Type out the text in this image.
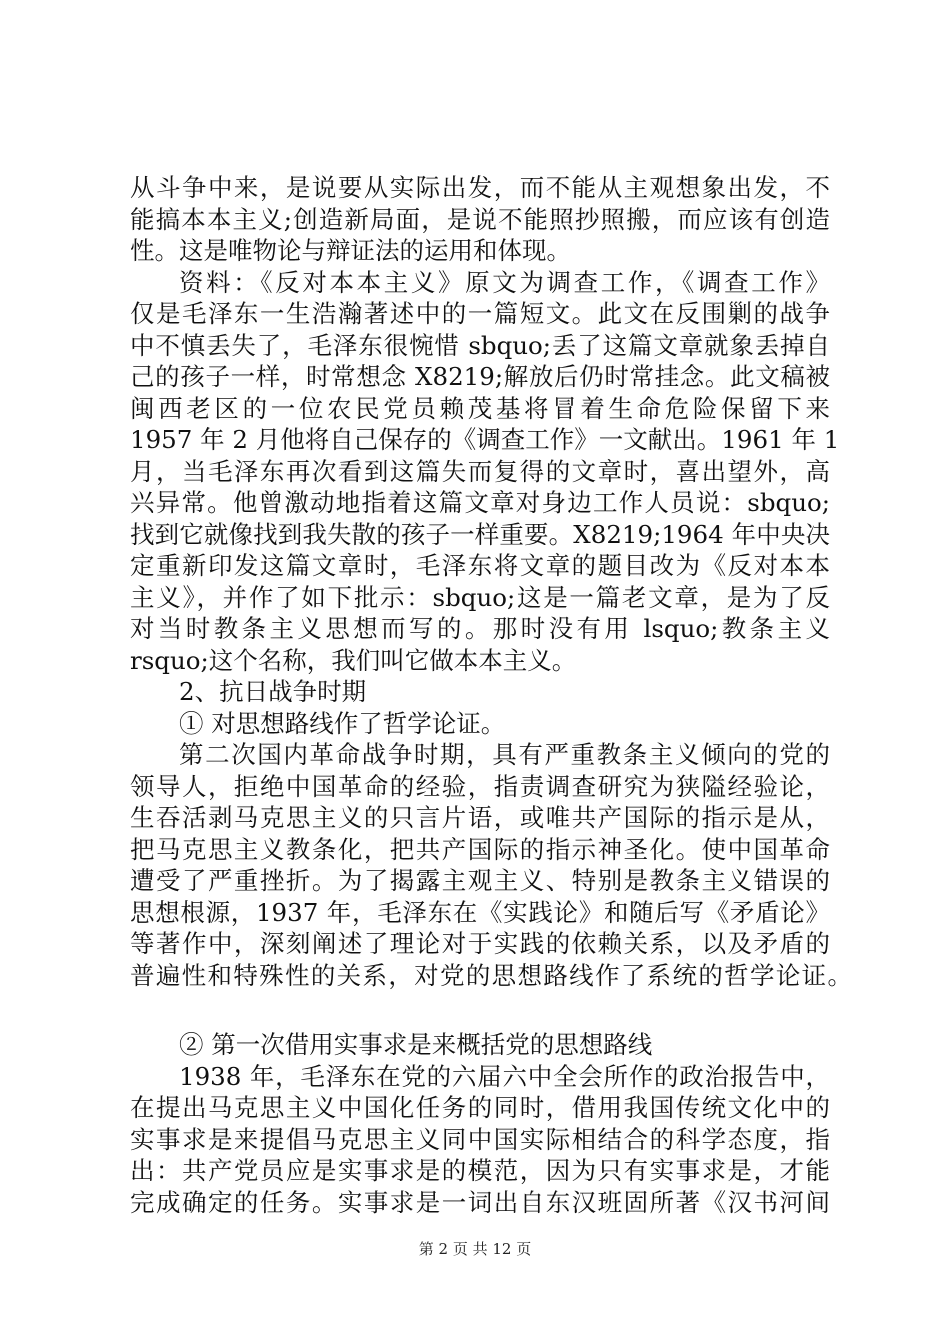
从斗争中来，是说要从实际出发，而不能从主观想象出发，不
能搞本本主义;创造新局面，是说不能照抄照搬，而应该有创造
性。这是唯物论与辩证法的运用和体现。
资料：《反对本本主义》原文为调查工作，《调查工作》
仅是毛泽东一生浩瀚著述中的一篇短文。此文在反围剿的战争
中不慎丢失了，毛泽东很惋惜 sbquo;丢了这篇文章就象丢掉自
己的孩子一样，时常想念 X8219;解放后仍时常挂念。此文稿被
闽西老区的一位农民党员赖茂基将冒着生命危险保留下来
1957 年 2 月他将自己保存的《调查工作》一文献出。1961 年 1
月，当毛泽东再次看到这篇失而复得的文章时，喜出望外，高
兴异常。他曾激动地指着这篇文章对身边工作人员说：sbquo;
找到它就像找到我失散的孩子一样重要。X8219;1964 年中央决
定重新印发这篇文章时，毛泽东将文章的题目改为《反对本本
主义》，并作了如下批示：sbquo;这是一篇老文章，是为了反
对当时教条主义思想而写的。那时没有用 lsquo;教条主义
rsquo;这个名称，我们叫它做本本主义。
2、抗日战争时期
① 对思想路线作了哲学论证。
第二次国内革命战争时期，具有严重教条主义倾向的党的
领导人，拒绝中国革命的经验，指责调查研究为狭隘经验论，
生吞活剥马克思主义的只言片语，或唯共产国际的指示是从，
把马克思主义教条化，把共产国际的指示神圣化。使中国革命
遭受了严重挫折。为了揭露主观主义、特别是教条主义错误的
思想根源，1937 年，毛泽东在《实践论》和随后写《矛盾论》
等著作中，深刻阐述了理论对于实践的依赖关系，以及矛盾的
普遍性和特殊性的关系，对党的思想路线作了系统的哲学论证。
② 第一次借用实事求是来概括党的思想路线
1938 年，毛泽东在党的六届六中全会所作的政治报告中，
在提出马克思主义中国化任务的同时，借用我国传统文化中的
实事求是来提倡马克思主义同中国实际相结合的科学态度，指
出：共产党员应是实事求是的模范，因为只有实事求是，才能
完成确定的任务。实事求是一词出自东汉班固所著《汉书河间
第 2 页 共 12 页
